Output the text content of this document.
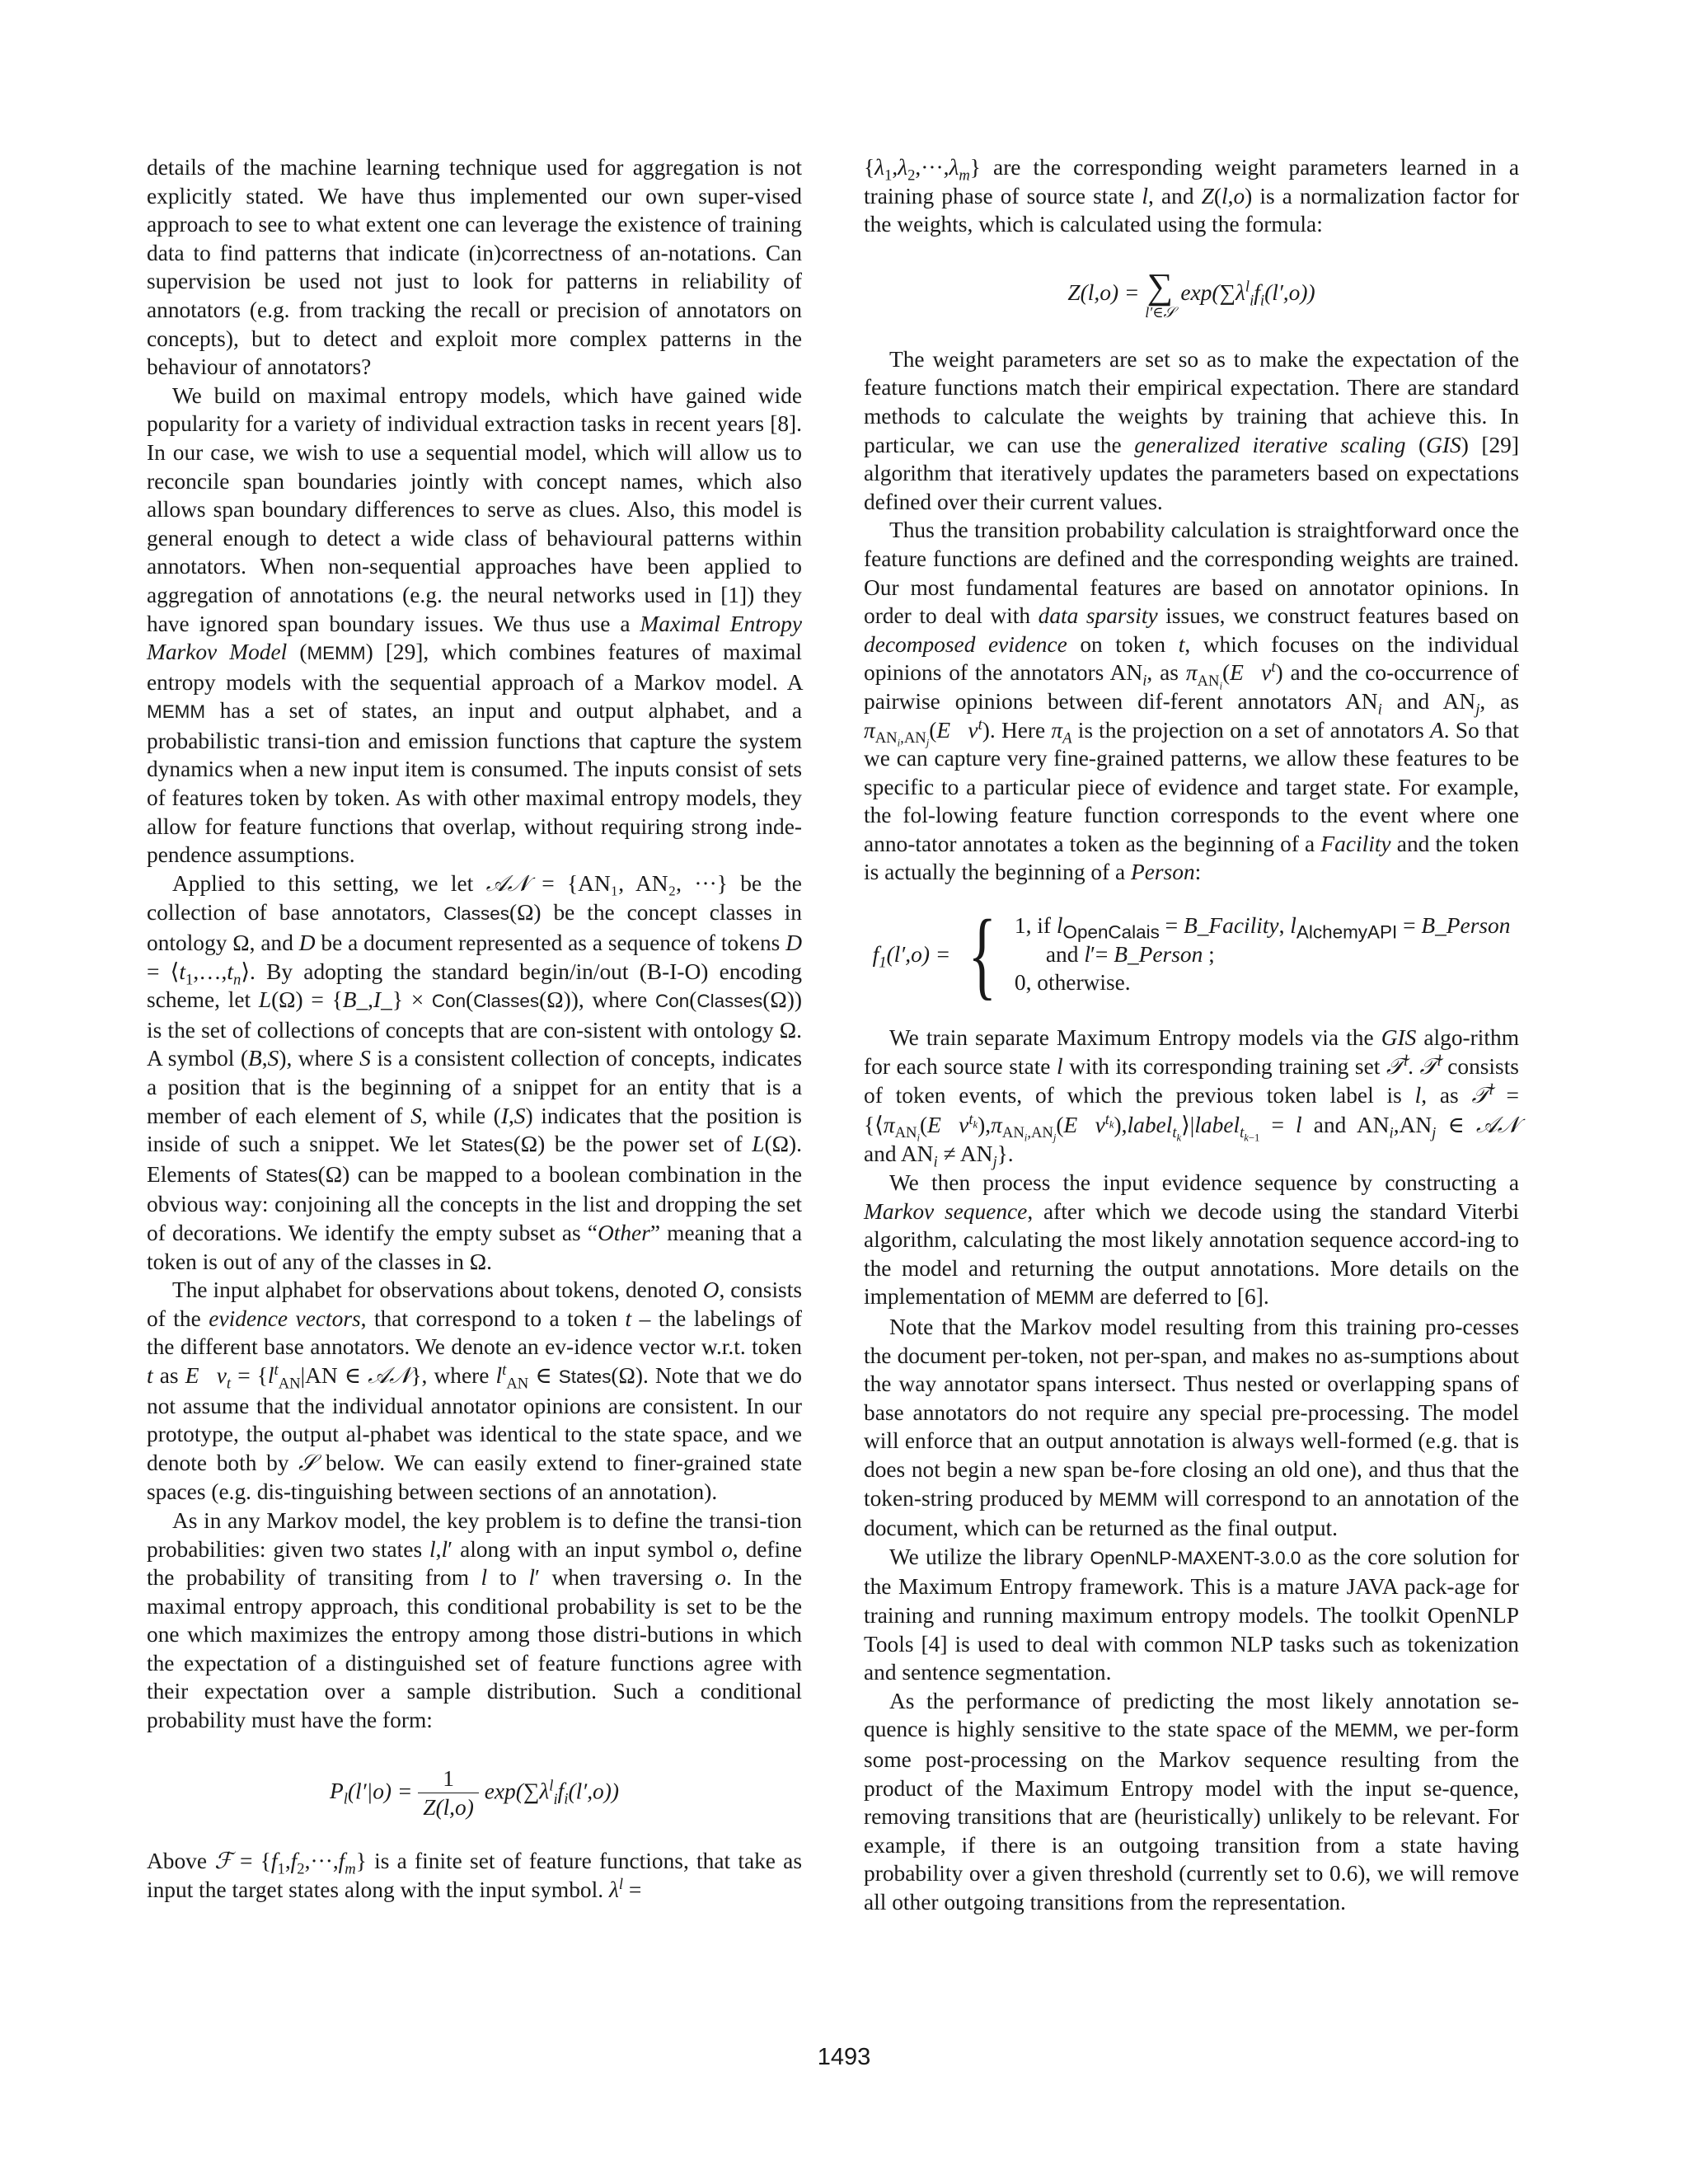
details of the machine learning technique used for aggregation is not explicitly stated. We have thus implemented our own super-vised approach to see to what extent one can leverage the existence of training data to find patterns that indicate (in)correctness of an-notations. Can supervision be used not just to look for patterns in reliability of annotators (e.g. from tracking the recall or precision of annotators on concepts), but to detect and exploit more complex patterns in the behaviour of annotators?

We build on maximal entropy models, which have gained wide popularity for a variety of individual extraction tasks in recent years [8]. In our case, we wish to use a sequential model, which will allow us to reconcile span boundaries jointly with concept names, which also allows span boundary differences to serve as clues. Also, this model is general enough to detect a wide class of behavioural patterns within annotators. When non-sequential approaches have been applied to aggregation of annotations (e.g. the neural networks used in [1]) they have ignored span boundary issues. We thus use a Maximal Entropy Markov Model (MEMM) [29], which combines features of maximal entropy models with the sequential approach of a Markov model. A MEMM has a set of states, an input and output alphabet, and a probabilistic transi-tion and emission functions that capture the system dynamics when a new input item is consumed. The inputs consist of sets of features token by token. As with other maximal entropy models, they allow for feature functions that overlap, without requiring strong inde-pendence assumptions.

Applied to this setting, we let 𝒜𝒩 = {AN₁, AN₂, ···} be the collection of base annotators, Classes(Ω) be the concept classes in ontology Ω, and D be a document represented as a sequence of tokens $D = ⟨t_1,\dots,t_n⟩$. By adopting the standard begin/in/out (B-I-O) encoding scheme, let L(Ω) = {B_,I_} × Con(Classes(Ω)), where Con(Classes(Ω)) is the set of collections of concepts that are con-sistent with ontology Ω. A symbol (B,S), where S is a consistent collection of concepts, indicates a position that is the beginning of a snippet for an entity that is a member of each element of S, while (I,S) indicates that the position is inside of such a snippet. We let States(Ω) be the power set of L(Ω). Elements of States(Ω) can be mapped to a boolean combination in the obvious way: conjoining all the concepts in the list and dropping the set of decorations. We identify the empty subset as “Other” meaning that a token is out of any of the classes in Ω.

The input alphabet for observations about tokens, denoted O, consists of the evidence vectors, that correspond to a token t – the labelings of the different base annotators. We denote an ev-idence vector w.r.t. token t as $E⃗v_t = \{l^t_{AN}|AN$ ∈ 𝒜𝒩}, where $l^t_{AN}$ ∈ States(Ω). Note that we do not assume that the individual annotator opinions are consistent. In our prototype, the output al-phabet was identical to the state space, and we denote both by 𝒮 below. We can easily extend to finer-grained state spaces (e.g. dis-tinguishing between sections of an annotation).

As in any Markov model, the key problem is to define the transi-tion probabilities: given two states l,l′ along with an input symbol o, define the probability of transiting from l to l′ when traversing o. In the maximal entropy approach, this conditional probability is set to be the one which maximizes the entropy among those distri-butions in which the expectation of a distinguished set of feature functions agree with their expectation over a sample distribution. Such a conditional probability must have the form:

$P_l(l'|o) = \frac{1}{Z(l,o)} \exp(\sum\lambda^l_if_i(l',o))$

Above ℱ = $\{f_1,f_2,\cdot\cdot\cdot,f_m\}$ is a finite set of feature functions, that take as input the target states along with the input symbol. $\lambda^l$ =

$\{\lambda_1,\lambda_2,\cdot\cdot\cdot,\lambda_m\}$ are the corresponding weight parameters learned in a training phase of source state l, and Z(l,o) is a normalization factor for the weights, which is calculated using the formula:

Z(l,o) = ∑
l′∈𝒮
$\exp(\sum\lambda^l_if_i(l',o))$

The weight parameters are set so as to make the expectation of the feature functions match their empirical expectation. There are standard methods to calculate the weights by training that achieve this. In particular, we can use the generalized iterative scaling (GIS) [29] algorithm that iteratively updates the parameters based on expectations defined over their current values.

Thus the transition probability calculation is straightforward once the feature functions are defined and the corresponding weights are trained. Our most fundamental features are based on annotator opinions. In order to deal with data sparsity issues, we construct features based on decomposed evidence on token t, which focuses on the individual opinions of the annotators $AN_i$, as $\pi_{AN_i}(E⃗v^t)$ and the co-occurrence of pairwise opinions between dif-ferent annotators $AN_i$ and $AN_j$, as $\pi_{AN_i,AN_j}(E⃗v^t)$. Here $\pi_A$ is the projection on a set of annotators A. So that we can capture very fine-grained patterns, we allow these features to be specific to a particular piece of evidence and target state. For example, the fol-lowing feature function corresponds to the event where one anno-tator annotates a token as the beginning of a Facility and the token is actually the beginning of a Person:

$f_1(l',o)$ = { 1, if $l_{OpenCalais}$ = B_Facility, $l_{AlchemyAPI}$ = B_Person
and l′= B_Person ;
0, otherwise.

We train separate Maximum Entropy models via the GIS algo-rithm for each source state l with its corresponding training set 𝒯$^l$. 𝒯$^l$ consists of token events, of which the previous token label is l, as 𝒯$^l$ = {$⟨\pi_{AN_i}(E⃗v^{t_k}),\pi_{AN_i,AN_j}(E⃗v^{t_k}),label_{t_k}⟩|label_{t_{k-1}} = l$ and $AN_i,AN_j$ ∈ 𝒜𝒩 and $AN_i \ne AN_j$}.

We then process the input evidence sequence by constructing a Markov sequence, after which we decode using the standard Viterbi algorithm, calculating the most likely annotation sequence accord-ing to the model and returning the output annotations. More details on the implementation of MEMM are deferred to [6].

Note that the Markov model resulting from this training pro-cesses the document per-token, not per-span, and makes no as-sumptions about the way annotator spans intersect. Thus nested or overlapping spans of base annotators do not require any special pre-processing. The model will enforce that an output annotation is always well-formed (e.g. that is does not begin a new span be-fore closing an old one), and thus that the token-string produced by MEMM will correspond to an annotation of the document, which can be returned as the final output.

We utilize the library OpenNLP-MAXENT-3.0.0 as the core solution for the Maximum Entropy framework. This is a mature JAVA pack-age for training and running maximum entropy models. The toolkit OpenNLP Tools [4] is used to deal with common NLP tasks such as tokenization and sentence segmentation.

As the performance of predicting the most likely annotation se-quence is highly sensitive to the state space of the MEMM, we per-form some post-processing on the Markov sequence resulting from the product of the Maximum Entropy model with the input se-quence, removing transitions that are (heuristically) unlikely to be relevant. For example, if there is an outgoing transition from a state having probability over a given threshold (currently set to 0.6), we will remove all other outgoing transitions from the representation.

1493
